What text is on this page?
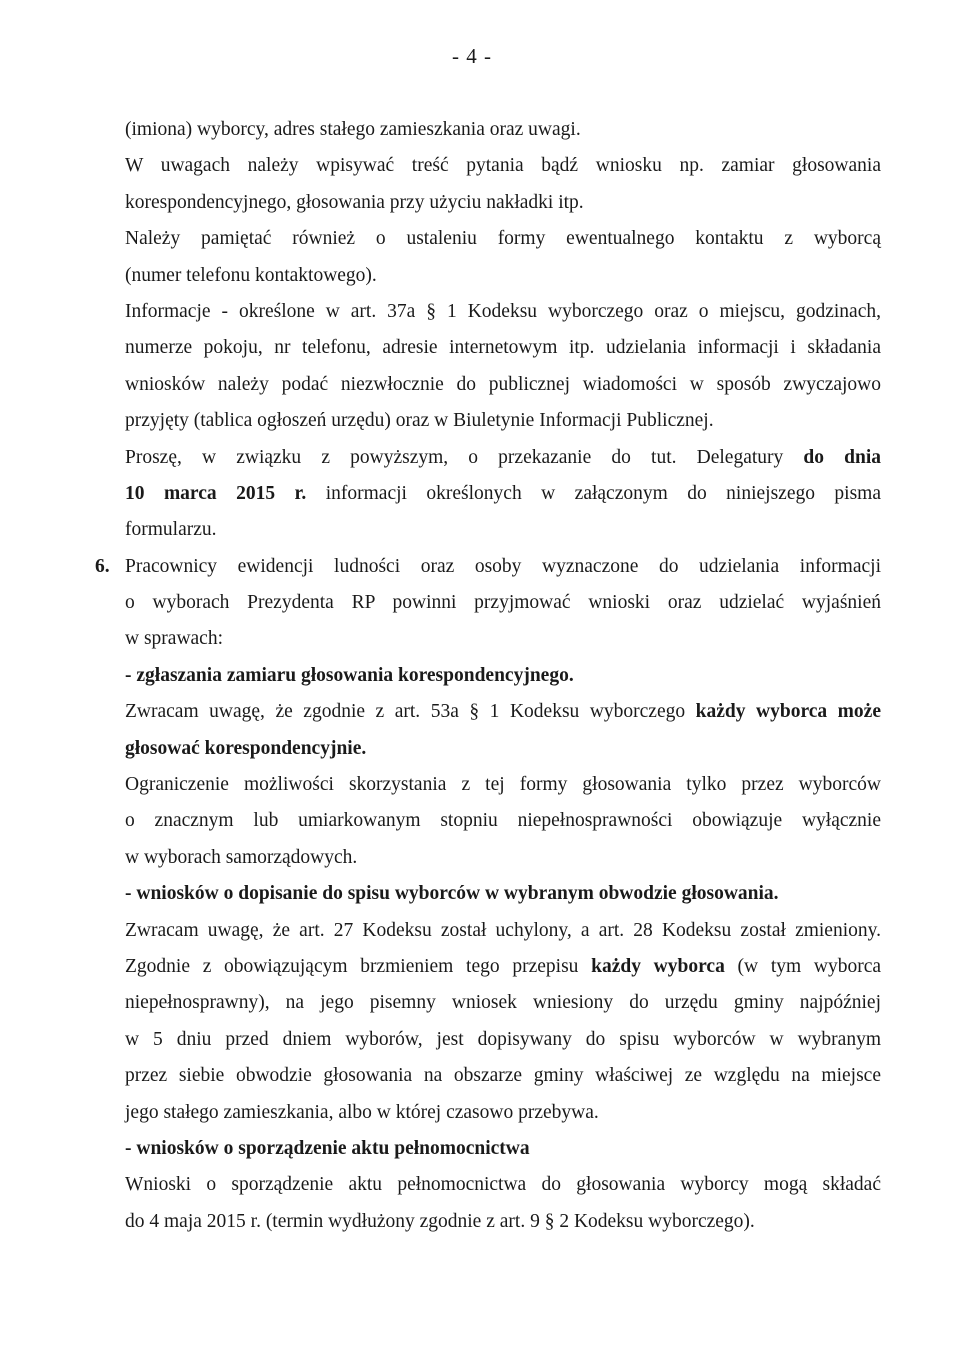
- 4 -
(imiona) wyborcy, adres stałego zamieszkania oraz uwagi.
W uwagach należy wpisywać treść pytania bądź wniosku np. zamiar głosowania
korespondencyjnego, głosowania przy użyciu nakładki itp.
Należy pamiętać również o ustaleniu formy ewentualnego kontaktu z wyborcą
(numer telefonu kontaktowego).
Informacje - określone w art. 37a § 1 Kodeksu wyborczego oraz o miejscu, godzinach,
numerze pokoju, nr telefonu, adresie internetowym itp. udzielania informacji i składania
wniosków należy podać niezwłocznie do publicznej wiadomości w sposób zwyczajowo
przyjęty (tablica ogłoszeń urzędu) oraz w Biuletynie Informacji Publicznej.
Proszę, w związku z powyższym, o przekazanie do tut. Delegatury do dnia
10 marca 2015 r. informacji określonych w załączonym do niniejszego pisma
formularzu.
6. Pracownicy ewidencji ludności oraz osoby wyznaczone do udzielania informacji
o wyborach Prezydenta RP powinni przyjmować wnioski oraz udzielać wyjaśnień
w sprawach:
- zgłaszania zamiaru głosowania korespondencyjnego.
Zwracam uwagę, że zgodnie z art. 53a § 1 Kodeksu wyborczego każdy wyborca może
głosować korespondencyjnie.
Ograniczenie możliwości skorzystania z tej formy głosowania tylko przez wyborców
o znacznym lub umiarkowanym stopniu niepełnosprawności obowiązuje wyłącznie
w wyborach samorządowych.
- wniosków o dopisanie do spisu wyborców w wybranym obwodzie głosowania.
Zwracam uwagę, że art. 27 Kodeksu został uchylony, a art. 28 Kodeksu został zmieniony.
Zgodnie z obowiązującym brzmieniem tego przepisu każdy wyborca (w tym wyborca
niepełnosprawny), na jego pisemny wniosek wniesiony do urzędu gminy najpóźniej
w 5 dniu przed dniem wyborów, jest dopisywany do spisu wyborców w wybranym
przez siebie obwodzie głosowania na obszarze gminy właściwej ze względu na miejsce
jego stałego zamieszkania, albo w której czasowo przebywa.
- wniosków o sporządzenie aktu pełnomocnictwa
Wnioski o sporządzenie aktu pełnomocnictwa do głosowania wyborcy mogą składać
do 4 maja 2015 r. (termin wydłużony zgodnie z art. 9 § 2 Kodeksu wyborczego).
